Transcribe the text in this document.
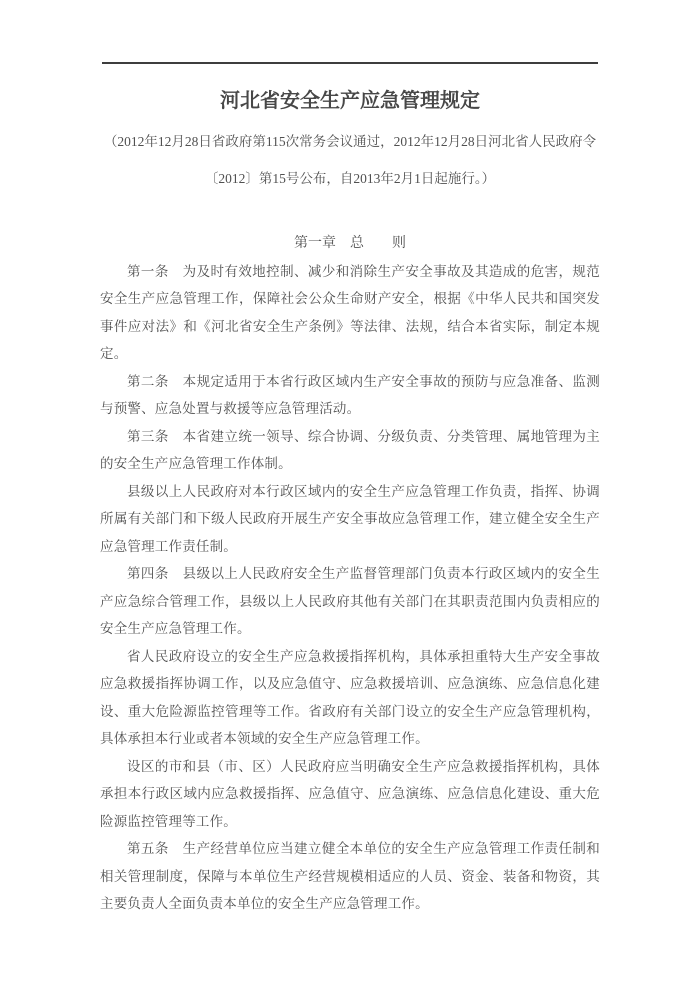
河北省安全生产应急管理规定
（2012年12月28日省政府第115次常务会议通过，2012年12月28日河北省人民政府令
〔2012〕第15号公布，自2013年2月1日起施行。）
第一章　总　　则

第一条　为及时有效地控制、减少和消除生产安全事故及其造成的危害，规范安全生产应急管理工作，保障社会公众生命财产安全，根据《中华人民共和国突发事件应对法》和《河北省安全生产条例》等法律、法规，结合本省实际，制定本规定。

第二条　本规定适用于本省行政区域内生产安全事故的预防与应急准备、监测与预警、应急处置与救援等应急管理活动。

第三条　本省建立统一领导、综合协调、分级负责、分类管理、属地管理为主的安全生产应急管理工作体制。

县级以上人民政府对本行政区域内的安全生产应急管理工作负责，指挥、协调所属有关部门和下级人民政府开展生产安全事故应急管理工作，建立健全安全生产应急管理工作责任制。

第四条　县级以上人民政府安全生产监督管理部门负责本行政区域内的安全生产应急综合管理工作，县级以上人民政府其他有关部门在其职责范围内负责相应的安全生产应急管理工作。

省人民政府设立的安全生产应急救援指挥机构，具体承担重特大生产安全事故应急救援指挥协调工作，以及应急值守、应急救援培训、应急演练、应急信息化建设、重大危险源监控管理等工作。省政府有关部门设立的安全生产应急管理机构，具体承担本行业或者本领域的安全生产应急管理工作。

设区的市和县（市、区）人民政府应当明确安全生产应急救援指挥机构，具体承担本行政区域内应急救援指挥、应急值守、应急演练、应急信息化建设、重大危险源监控管理等工作。

第五条　生产经营单位应当建立健全本单位的安全生产应急管理工作责任制和相关管理制度，保障与本单位生产经营规模相适应的人员、资金、装备和物资，其主要负责人全面负责本单位的安全生产应急管理工作。
